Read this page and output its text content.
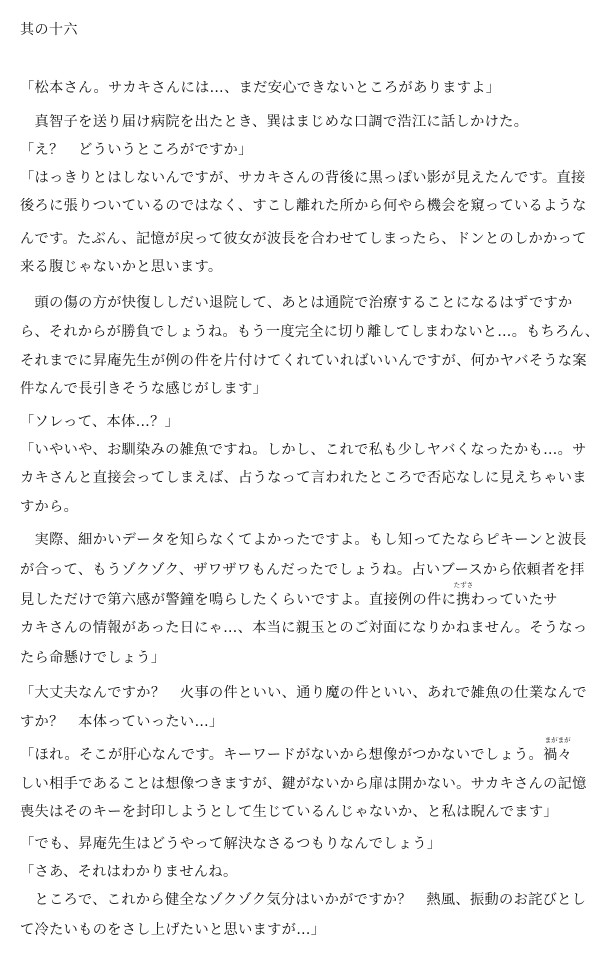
其の十六
「松本さん。サカキさんには…、まだ安心できないところがありますよ」
　真智子を送り届け病院を出たとき、巽はまじめな口調で浩江に話しかけた。
「え？　どういうところがですか」
「はっきりとはしないんですが、サカキさんの背後に黒っぽい影が見えたんです。直接
後ろに張りついているのではなく、すこし離れた所から何やら機会を窺っているような
んです。たぶん、記憶が戻って彼女が波長を合わせてしまったら、ドンとのしかかって
来る腹じゃないかと思います。
　頭の傷の方が快復ししだい退院して、あとは通院で治療することになるはずですか
ら、それからが勝負でしょうね。もう一度完全に切り離してしまわないと…。もちろん、
それまでに昇庵先生が例の件を片付けてくれていればいいんですが、何かヤバそうな案
件なんで長引きそうな感じがします」
「ソレって、本体…？」
「いやいや、お馴染みの雑魚ですね。しかし、これで私も少しヤバくなったかも…。サ
カキさんと直接会ってしまえば、占うなって言われたところで否応なしに見えちゃいま
すから。
　実際、細かいデータを知らなくてよかったですよ。もし知ってたならピキーンと波長
が合って、もうゾクゾク、ザワザワもんだったでしょうね。占いブースから依頼者を拝
見しただけで第六感が警鐘を鳴らしたくらいですよ。直接例の件に
たずさ
携わっていたサ
カキさんの情報があった日にゃ…、本当に親玉とのご対面になりかねません。そうなっ
たら命懸けでしょう」
「大丈夫なんですか？　火事の件といい、通り魔の件といい、あれで雑魚の仕業なんで
すか？　本体っていったい…」
「ほれ。そこが肝心なんです。キーワードがないから想像がつかないでしょう。
まがまが
禍々
しい相手であることは想像つきますが、鍵がないから扉は開かない。サカキさんの記憶
喪失はそのキーを封印しようとして生じているんじゃないか、と私は睨んでます」
「でも、昇庵先生はどうやって解決なさるつもりなんでしょう」
「さあ、それはわかりませんね。
　ところで、これから健全なゾクゾク気分はいかがですか？　熱風、振動のお詫びとし
て冷たいものをさし上げたいと思いますが…」
